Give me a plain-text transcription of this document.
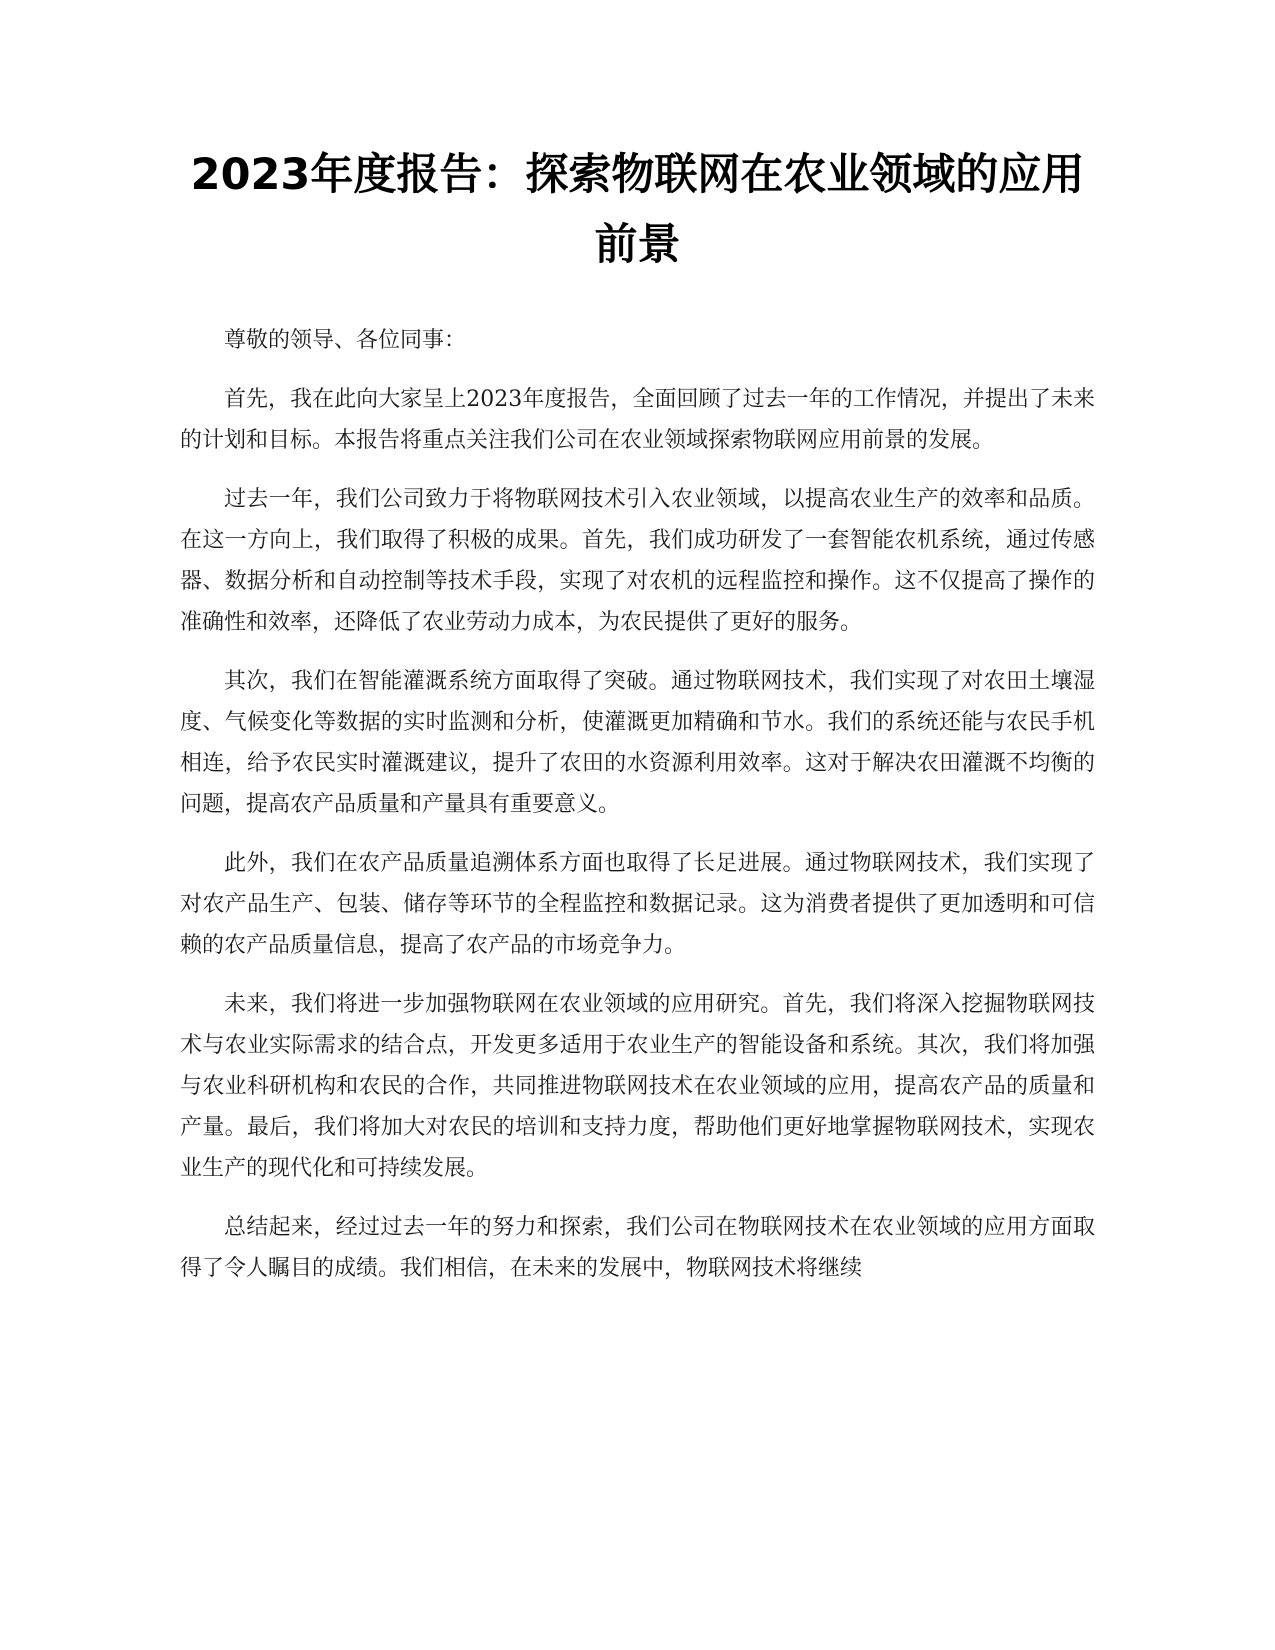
2023年度报告：探索物联网在农业领域的应用前景

尊敬的领导、各位同事：

首先，我在此向大家呈上2023年度报告，全面回顾了过去一年的工作情况，并提出了未来的计划和目标。本报告将重点关注我们公司在农业领域探索物联网应用前景的发展。

过去一年，我们公司致力于将物联网技术引入农业领域，以提高农业生产的效率和品质。在这一方向上，我们取得了积极的成果。首先，我们成功研发了一套智能农机系统，通过传感器、数据分析和自动控制等技术手段，实现了对农机的远程监控和操作。这不仅提高了操作的准确性和效率，还降低了农业劳动力成本，为农民提供了更好的服务。

其次，我们在智能灌溉系统方面取得了突破。通过物联网技术，我们实现了对农田土壤湿度、气候变化等数据的实时监测和分析，使灌溉更加精确和节水。我们的系统还能与农民手机相连，给予农民实时灌溉建议，提升了农田的水资源利用效率。这对于解决农田灌溉不均衡的问题，提高农产品质量和产量具有重要意义。

此外，我们在农产品质量追溯体系方面也取得了长足进展。通过物联网技术，我们实现了对农产品生产、包装、储存等环节的全程监控和数据记录。这为消费者提供了更加透明和可信赖的农产品质量信息，提高了农产品的市场竞争力。

未来，我们将进一步加强物联网在农业领域的应用研究。首先，我们将深入挖掘物联网技术与农业实际需求的结合点，开发更多适用于农业生产的智能设备和系统。其次，我们将加强与农业科研机构和农民的合作，共同推进物联网技术在农业领域的应用，提高农产品的质量和产量。最后，我们将加大对农民的培训和支持力度，帮助他们更好地掌握物联网技术，实现农业生产的现代化和可持续发展。

总结起来，经过过去一年的努力和探索，我们公司在物联网技术在农业领域的应用方面取得了令人瞩目的成绩。我们相信，在未来的发展中，物联网技术将继续
